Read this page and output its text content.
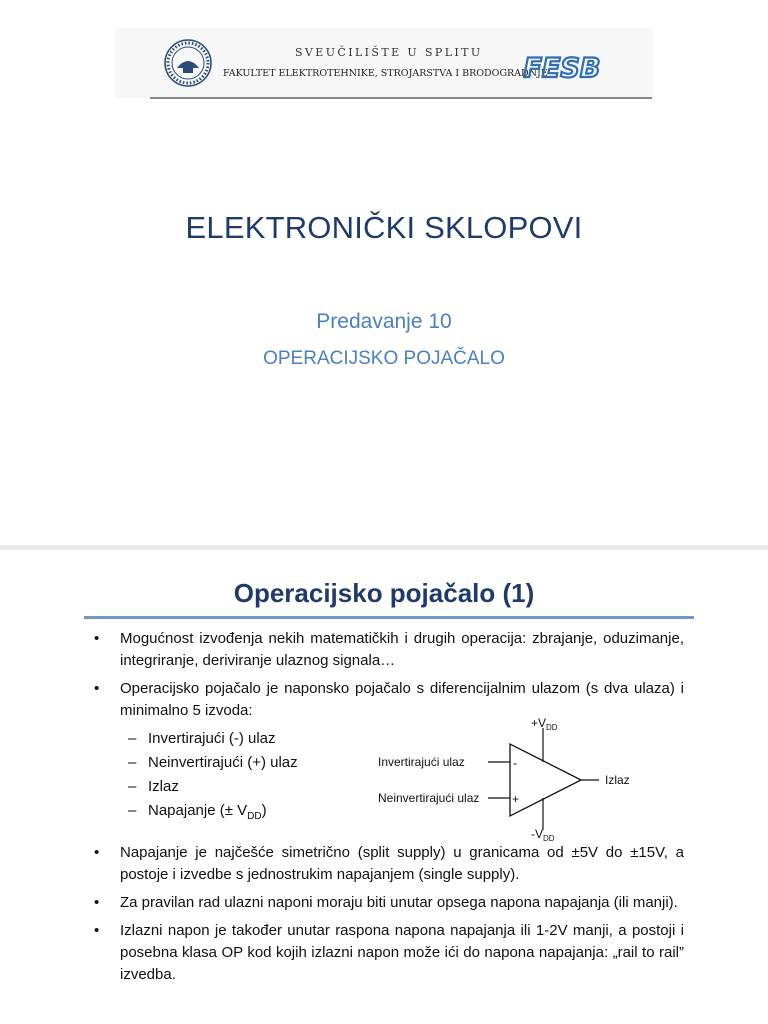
SVEUČILIŠTE U SPLITU
FAKULTET ELEKTROTEHNIKE, STROJARSTVA I BRODOGRADNJE
FESB
ELEKTRONIČKI SKLOPOVI
Predavanje 10
OPERACIJSKO POJAČALO
Operacijsko pojačalo (1)
• Mogućnost izvođenja nekih matematičkih i drugih operacija: zbrajanje, oduzimanje, integriranje, deriviranje ulaznog signala…
• Operacijsko pojačalo je naponsko pojačalo s diferencijalnim ulazom (s dva ulaza) i minimalno 5 izvoda:
– Invertirajući (-) ulaz
– Neinvertirajući (+) ulaz
– Izlaz
– Napajanje (± $V_{DD}$)
-
+
$+V_{DD}$
$-V_{DD}$
Invertirajući ulaz
Neinvertirajući ulaz
Izlaz
• Napajanje je najčešće simetrično (split supply) u granicama od ±5V do ±15V, a postoje i izvedbe s jednostrukim napajanjem (single supply).
• Za pravilan rad ulazni naponi moraju biti unutar opsega napona napajanja (ili manji).
• Izlazni napon je također unutar raspona napona napajanja ili 1-2V manji, a postoji i posebna klasa OP kod kojih izlazni napon može ići do napona napajanja: „rail to rail” izvedba.
